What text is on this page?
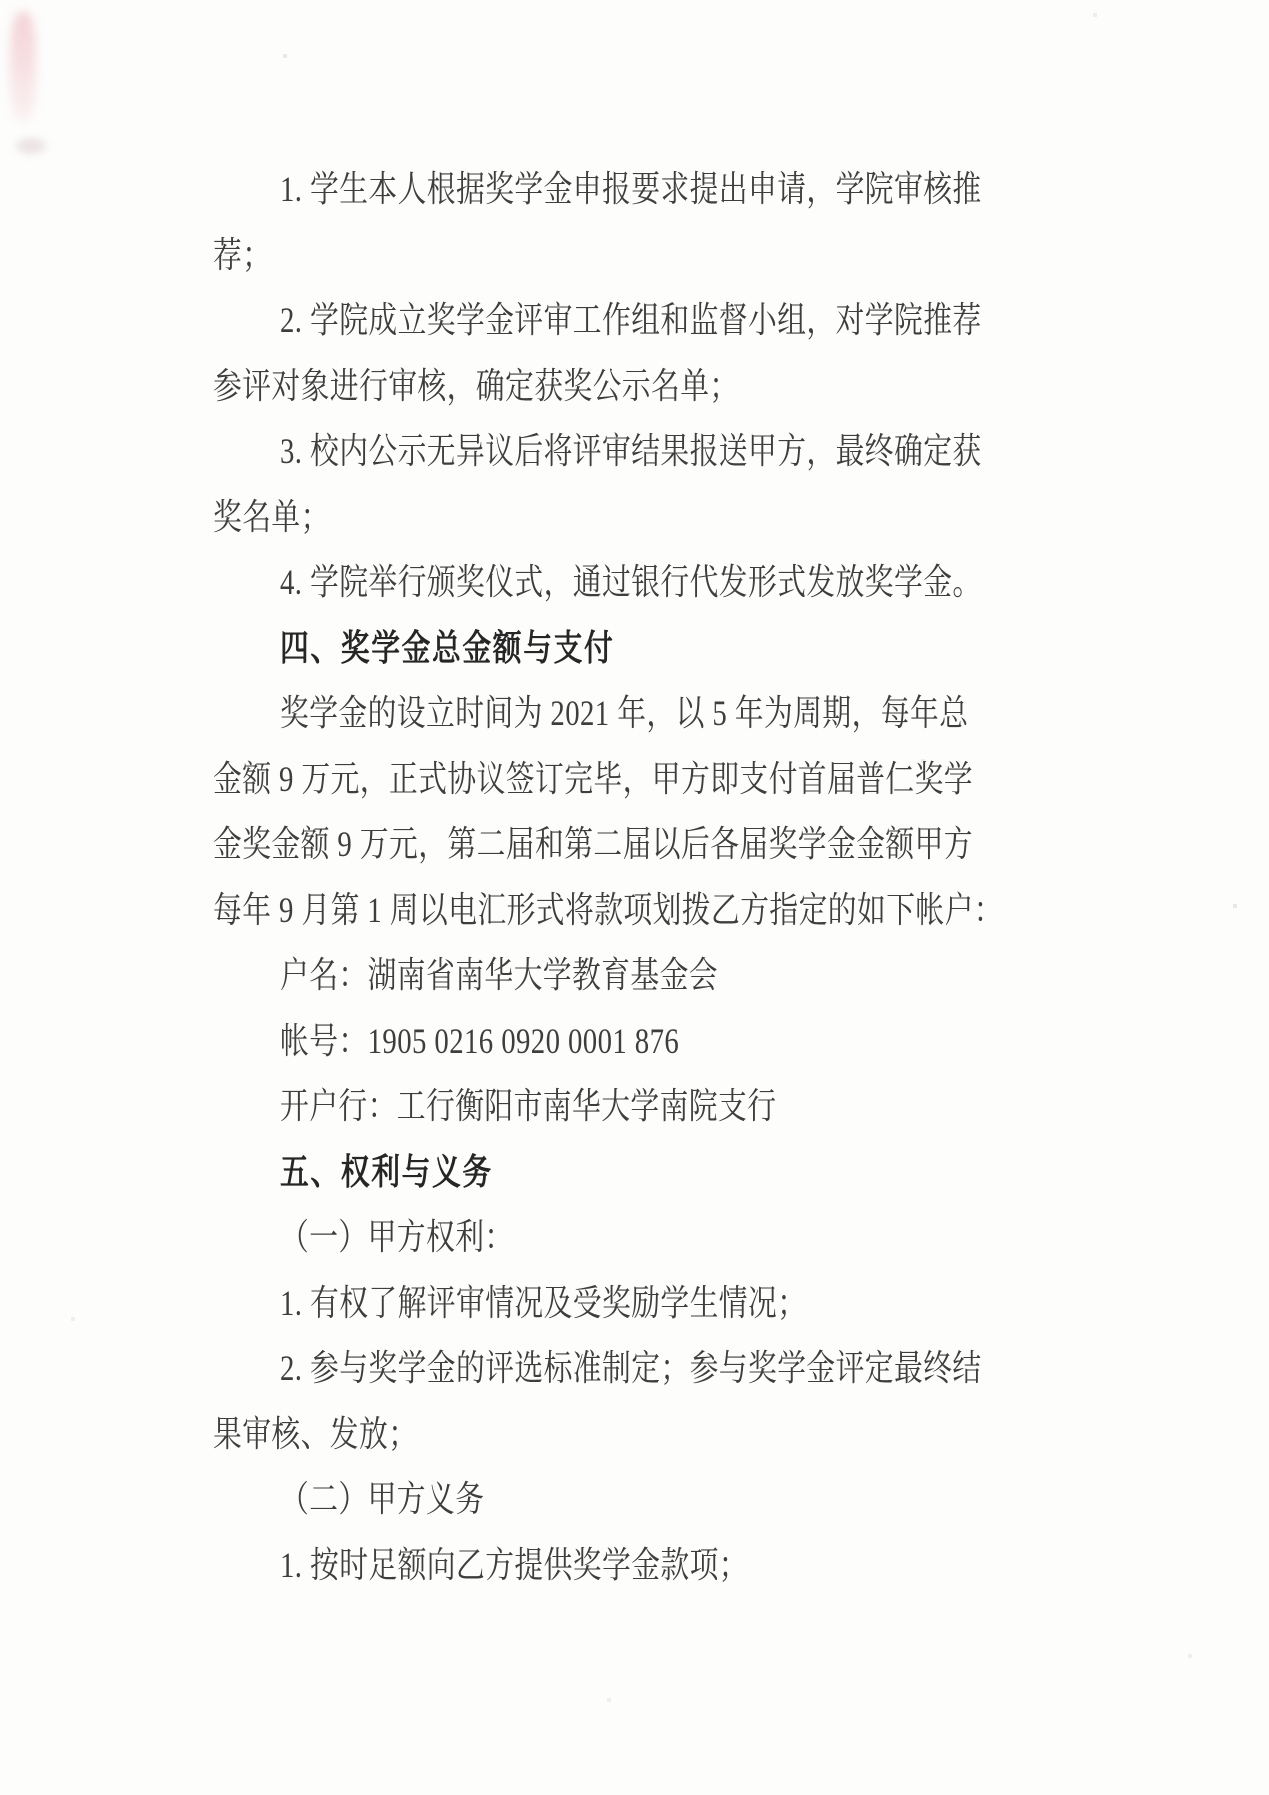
1. 学生本人根据奖学金申报要求提出申请，学院审核推
荐；
2. 学院成立奖学金评审工作组和监督小组，对学院推荐
参评对象进行审核，确定获奖公示名单；
3. 校内公示无异议后将评审结果报送甲方，最终确定获
奖名单；
4. 学院举行颁奖仪式，通过银行代发形式发放奖学金。
四、奖学金总金额与支付
奖学金的设立时间为 2021 年，以 5 年为周期，每年总
金额 9 万元，正式协议签订完毕，甲方即支付首届普仁奖学
金奖金额 9 万元，第二届和第二届以后各届奖学金金额甲方
每年 9 月第 1 周以电汇形式将款项划拨乙方指定的如下帐户：
户名：湖南省南华大学教育基金会
帐号：1905 0216 0920 0001 876
开户行：工行衡阳市南华大学南院支行
五、权利与义务
（一）甲方权利：
1. 有权了解评审情况及受奖励学生情况；
2. 参与奖学金的评选标准制定；参与奖学金评定最终结
果审核、发放；
（二）甲方义务
1. 按时足额向乙方提供奖学金款项；
